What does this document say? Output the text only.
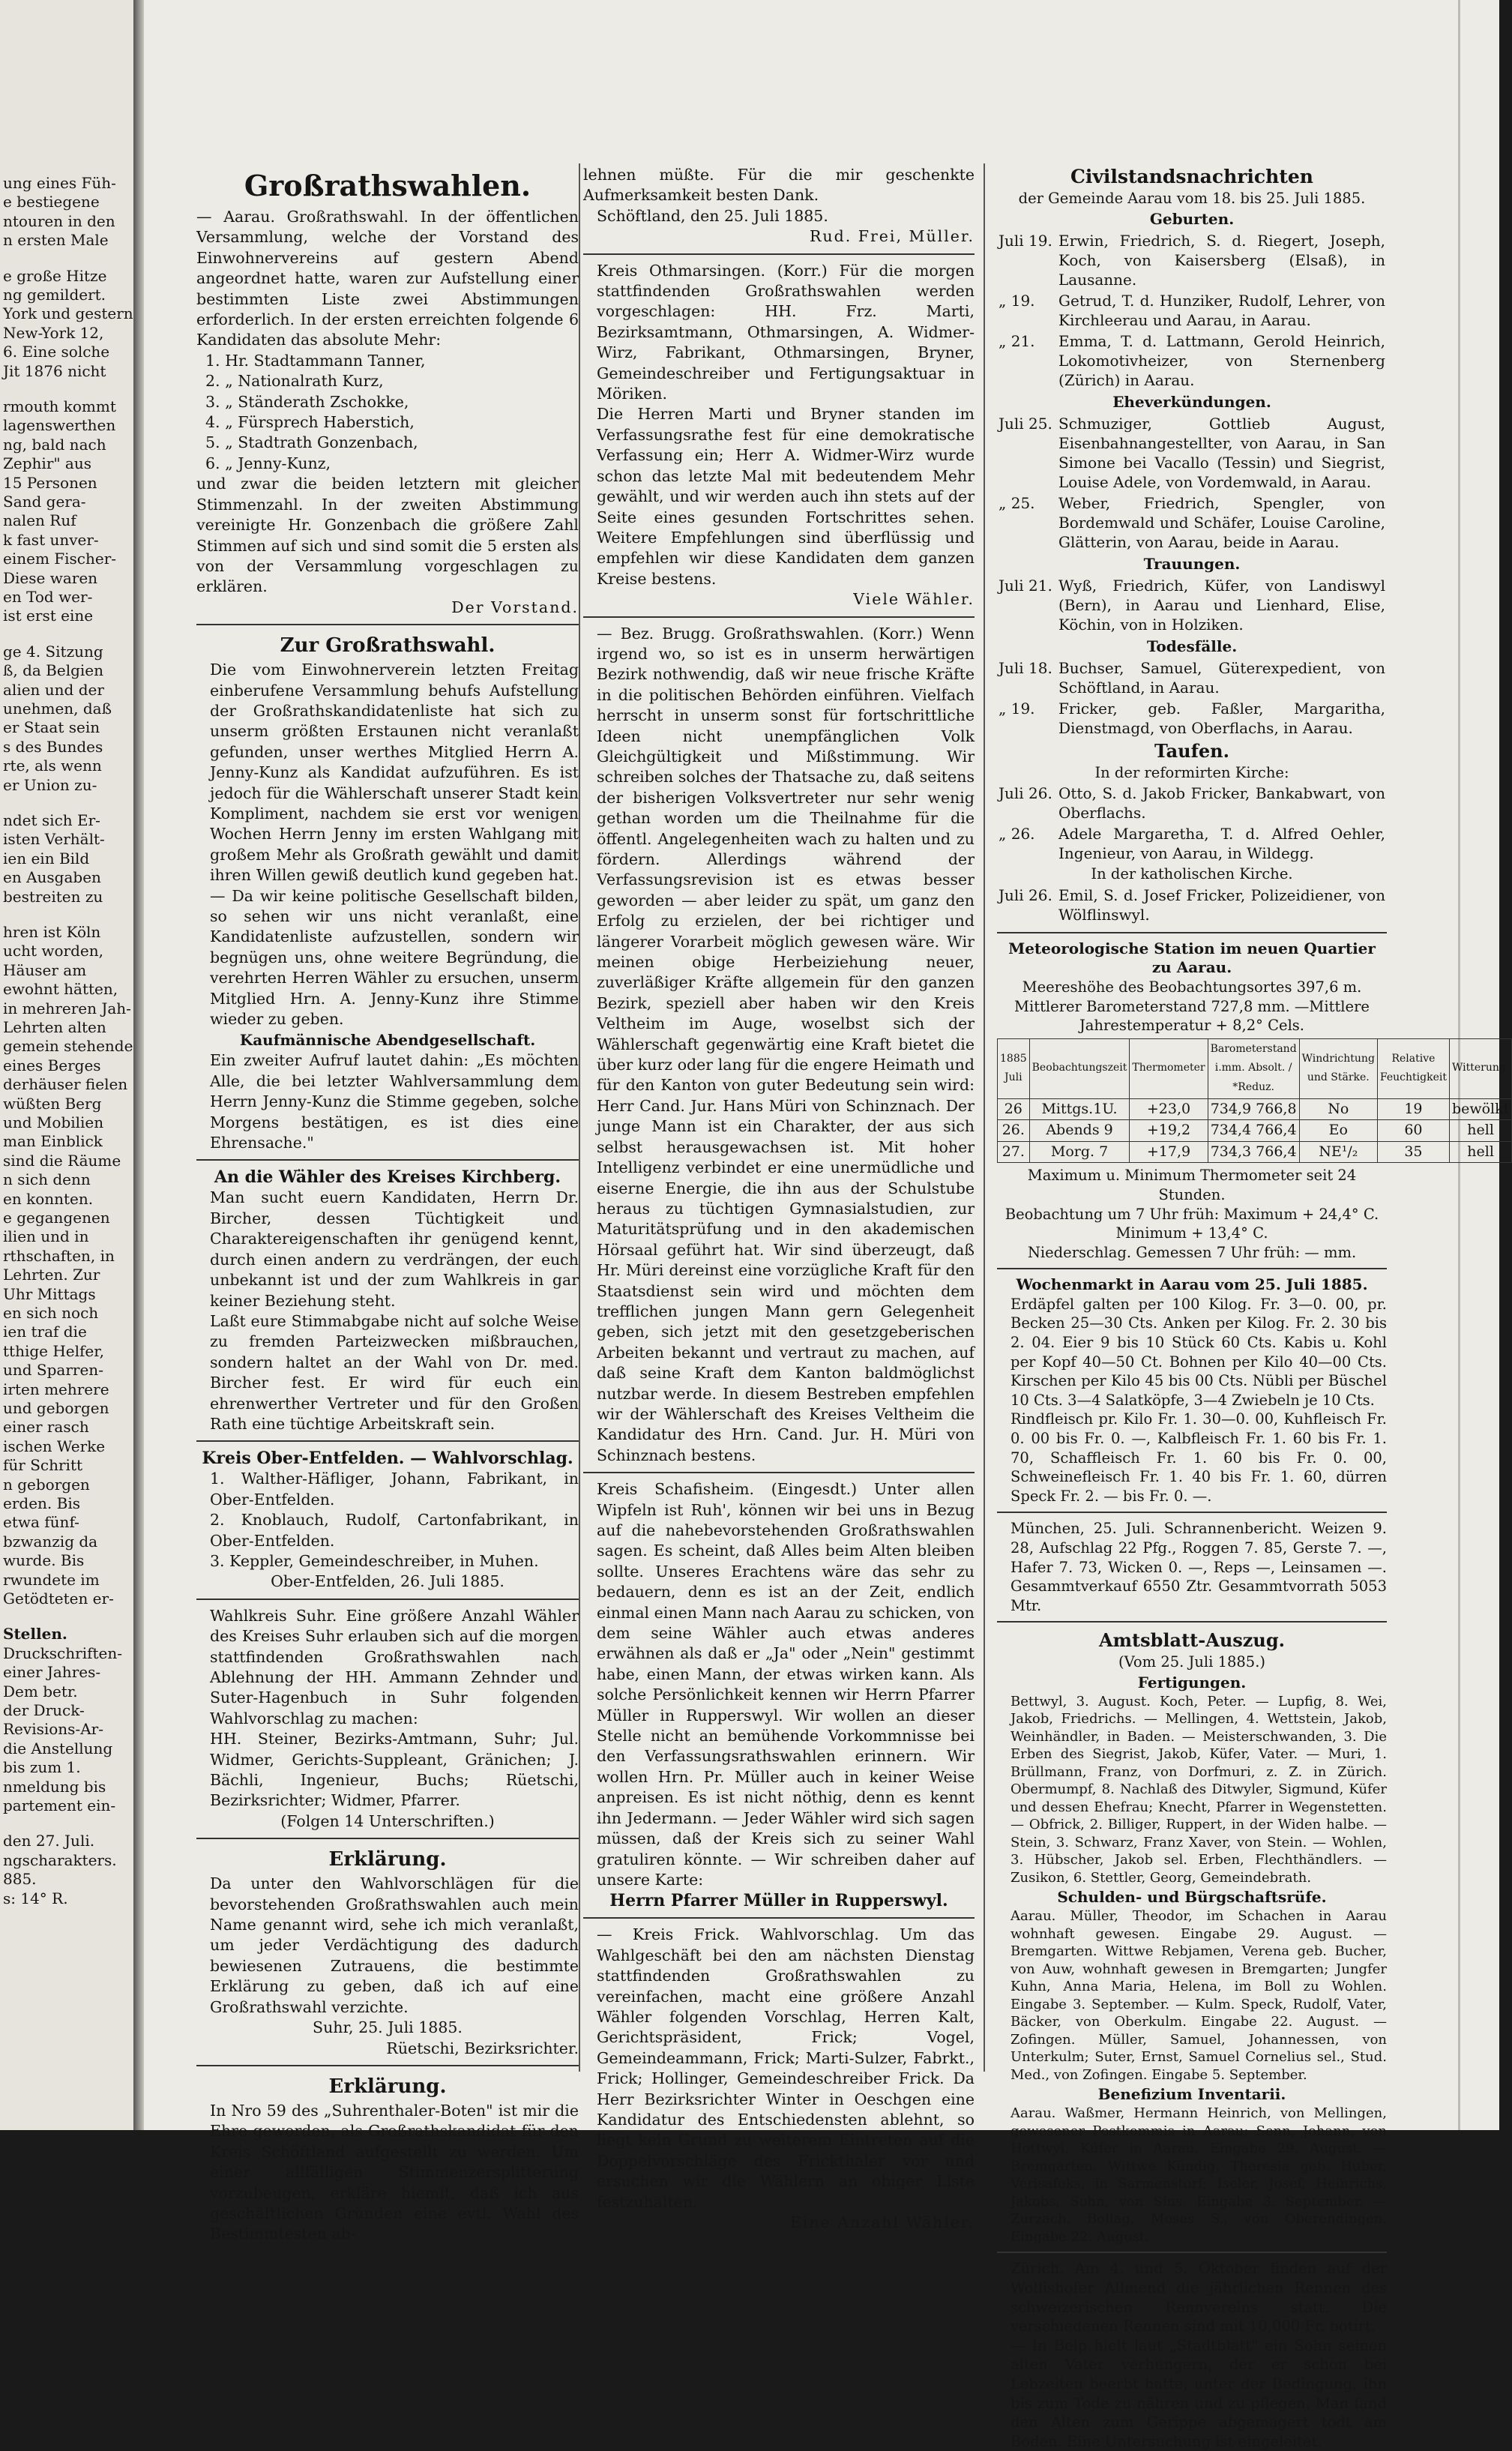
ung eines Füh-
e bestiegene
ntouren in den
n ersten Male
e große Hitze
ng gemildert.
York und gestern
New-York 12,
6. Eine solche
Jit 1876 nicht
rmouth kommt
lagenswerthen
ng, bald nach
Zephir" aus
15 Personen
Sand gera-
nalen Ruf
k fast unver-
einem Fischer-
Diese waren
en Tod wer-
ist erst eine
ge 4. Sitzung
ß, da Belgien
alien und der
unehmen, daß
er Staat sein
s des Bundes
rte, als wenn
er Union zu-
ndet sich Er-
isten Verhält-
ien ein Bild
en Ausgaben
bestreiten zu
hren ist Köln
ucht worden,
Häuser am
ewohnt hätten,
in mehreren Jah-
Lehrten alten
gemein stehende
eines Berges
derhäuser fielen
wüßten Berg
und Mobilien
man Einblick
sind die Räume
n sich denn
en konnten.
e gegangenen
ilien und in
rthschaften, in
Lehrten. Zur
Uhr Mittags
en sich noch
ien traf die
tthige Helfer,
und Sparren-
irten mehrere
und geborgen
einer rasch
ischen Werke
für Schritt
n geborgen
erden. Bis
etwa fünf-
bzwanzig da
wurde. Bis
rwundete im
Getödteten er-
Stellen.
Druckschriften-
einer Jahres-
Dem betr.
der Druck-
Revisions-Ar-
die Anstellung
bis zum 1.
nmeldung bis
partement ein-
den 27. Juli.
ngscharakters.
885.
s: 14° R.

Großrathswahlen.

— Aarau. Großrathswahl. In der öffentlichen Versammlung, welche der Vorstand des Einwohnervereins auf gestern Abend angeordnet hatte, waren zur Aufstellung einer bestimmten Liste zwei Abstimmungen erforderlich. In der ersten erreichten folgende 6 Kandidaten das absolute Mehr:

1. Hr. Stadtammann Tanner,
2. „ Nationalrath Kurz,
3. „ Ständerath Zschokke,
4. „ Fürsprech Haberstich,
5. „ Stadtrath Gonzenbach,
6. „ Jenny-Kunz,

und zwar die beiden letztern mit gleicher Stimmenzahl. In der zweiten Abstimmung vereinigte Hr. Gonzenbach die größere Zahl Stimmen auf sich und sind somit die 5 ersten als von der Versammlung vorgeschlagen zu erklären.

Der Vorstand.

Zur Großrathswahl.

Die vom Einwohnerverein letzten Freitag einberufene Versammlung behufs Aufstellung der Großrathskandidatenliste hat sich zu unserm größten Erstaunen nicht veranlaßt gefunden, unser werthes Mitglied Herrn A. Jenny-Kunz als Kandidat aufzuführen. Es ist jedoch für die Wählerschaft unserer Stadt kein Kompliment, nachdem sie erst vor wenigen Wochen Herrn Jenny im ersten Wahlgang mit großem Mehr als Großrath gewählt und damit ihren Willen gewiß deutlich kund gegeben hat. — Da wir keine politische Gesellschaft bilden, so sehen wir uns nicht veranlaßt, eine Kandidatenliste aufzustellen, sondern wir begnügen uns, ohne weitere Begründung, die verehrten Herren Wähler zu ersuchen, unserm Mitglied Hrn. A. Jenny-Kunz ihre Stimme wieder zu geben.

Kaufmännische Abendgesellschaft.

Ein zweiter Aufruf lautet dahin: „Es möchten Alle, die bei letzter Wahlversammlung dem Herrn Jenny-Kunz die Stimme gegeben, solche Morgens bestätigen, es ist dies eine Ehrensache."

An die Wähler des Kreises Kirchberg.

Man sucht euern Kandidaten, Herrn Dr. Bircher, dessen Tüchtigkeit und Charaktereigenschaften ihr genügend kennt, durch einen andern zu verdrängen, der euch unbekannt ist und der zum Wahlkreis in gar keiner Beziehung steht.

Laßt eure Stimmabgabe nicht auf solche Weise zu fremden Parteizwecken mißbrauchen, sondern haltet an der Wahl von Dr. med. Bircher fest. Er wird für euch ein ehrenwerther Vertreter und für den Großen Rath eine tüchtige Arbeitskraft sein.

Kreis Ober-Entfelden. — Wahlvorschlag.

1. Walther-Häfliger, Johann, Fabrikant, in Ober-Entfelden.
2. Knoblauch, Rudolf, Cartonfabrikant, in Ober-Entfelden.
3. Keppler, Gemeindeschreiber, in Muhen.

Ober-Entfelden, 26. Juli 1885.

Wahlkreis Suhr. Eine größere Anzahl Wähler des Kreises Suhr erlauben sich auf die morgen stattfindenden Großrathswahlen nach Ablehnung der HH. Ammann Zehnder und Suter-Hagenbuch in Suhr folgenden Wahlvorschlag zu machen:

HH. Steiner, Bezirks-Amtmann, Suhr; Jul. Widmer, Gerichts-Suppleant, Gränichen; J. Bächli, Ingenieur, Buchs; Rüetschi, Bezirksrichter; Widmer, Pfarrer.

(Folgen 14 Unterschriften.)

Erklärung.

Da unter den Wahlvorschlägen für die bevorstehenden Großrathswahlen auch mein Name genannt wird, sehe ich mich veranlaßt, um jeder Verdächtigung des dadurch bewiesenen Zutrauens, die bestimmte Erklärung zu geben, daß ich auf eine Großrathswahl verzichte.

Suhr, 25. Juli 1885.

Rüetschi, Bezirksrichter.

Erklärung.

In Nro 59 des „Suhrenthaler-Boten" ist mir die Ehre geworden, als Großrathskandidat für den Kreis Schöftland aufgestellt zu werden. Um einer allfälligen Stimmenzersplitterung vorzubeugen, erkläre hiemit, daß ich aus geschäftlichen Gründen eine evtl. Wahl des Bestimmtesten ab-

lehnen müßte. Für die mir geschenkte Aufmerksamkeit besten Dank.

Schöftland, den 25. Juli 1885.

Rud. Frei, Müller.

Kreis Othmarsingen. (Korr.) Für die morgen stattfindenden Großrathswahlen werden vorgeschlagen: HH. Frz. Marti, Bezirksamtmann, Othmarsingen, A. Widmer-Wirz, Fabrikant, Othmarsingen, Bryner, Gemeindeschreiber und Fertigungsaktuar in Möriken.

Die Herren Marti und Bryner standen im Verfassungsrathe fest für eine demokratische Verfassung ein; Herr A. Widmer-Wirz wurde schon das letzte Mal mit bedeutendem Mehr gewählt, und wir werden auch ihn stets auf der Seite eines gesunden Fortschrittes sehen. Weitere Empfehlungen sind überflüssig und empfehlen wir diese Kandidaten dem ganzen Kreise bestens.

Viele Wähler.

— Bez. Brugg. Großrathswahlen. (Korr.) Wenn irgend wo, so ist es in unserm herwärtigen Bezirk nothwendig, daß wir neue frische Kräfte in die politischen Behörden einführen. Vielfach herrscht in unserm sonst für fortschrittliche Ideen nicht unempfänglichen Volk Gleichgültigkeit und Mißstimmung. Wir schreiben solches der Thatsache zu, daß seitens der bisherigen Volksvertreter nur sehr wenig gethan worden um die Theilnahme für die öffentl. Angelegenheiten wach zu halten und zu fördern. Allerdings während der Verfassungsrevision ist es etwas besser geworden — aber leider zu spät, um ganz den Erfolg zu erzielen, der bei richtiger und längerer Vorarbeit möglich gewesen wäre. Wir meinen obige Herbeiziehung neuer, zuverläßiger Kräfte allgemein für den ganzen Bezirk, speziell aber haben wir den Kreis Veltheim im Auge, woselbst sich der Wählerschaft gegenwärtig eine Kraft bietet die über kurz oder lang für die engere Heimath und für den Kanton von guter Bedeutung sein wird: Herr Cand. Jur. Hans Müri von Schinznach. Der junge Mann ist ein Charakter, der aus sich selbst herausgewachsen ist. Mit hoher Intelligenz verbindet er eine unermüdliche und eiserne Energie, die ihn aus der Schulstube heraus zu tüchtigen Gymnasialstudien, zur Maturitätsprüfung und in den akademischen Hörsaal geführt hat. Wir sind überzeugt, daß Hr. Müri dereinst eine vorzügliche Kraft für den Staatsdienst sein wird und möchten dem trefflichen jungen Mann gern Gelegenheit geben, sich jetzt mit den gesetzgeberischen Arbeiten bekannt und vertraut zu machen, auf daß seine Kraft dem Kanton baldmöglichst nutzbar werde. In diesem Bestreben empfehlen wir der Wählerschaft des Kreises Veltheim die Kandidatur des Hrn. Cand. Jur. H. Müri von Schinznach bestens.

Kreis Schafisheim. (Eingesdt.) Unter allen Wipfeln ist Ruh', können wir bei uns in Bezug auf die nahebevorstehenden Großrathswahlen sagen. Es scheint, daß Alles beim Alten bleiben sollte. Unseres Erachtens wäre das sehr zu bedauern, denn es ist an der Zeit, endlich einmal einen Mann nach Aarau zu schicken, von dem seine Wähler auch etwas anderes erwähnen als daß er „Ja" oder „Nein" gestimmt habe, einen Mann, der etwas wirken kann. Als solche Persönlichkeit kennen wir Herrn Pfarrer Müller in Rupperswyl. Wir wollen an dieser Stelle nicht an bemühende Vorkommnisse bei den Verfassungsrathswahlen erinnern. Wir wollen Hrn. Pr. Müller auch in keiner Weise anpreisen. Es ist nicht nöthig, denn es kennt ihn Jedermann. — Jeder Wähler wird sich sagen müssen, daß der Kreis sich zu seiner Wahl gratuliren könnte. — Wir schreiben daher auf unsere Karte:

Herrn Pfarrer Müller in Rupperswyl.

— Kreis Frick. Wahlvorschlag. Um das Wahlgeschäft bei den am nächsten Dienstag stattfindenden Großrathswahlen zu vereinfachen, macht eine größere Anzahl Wähler folgenden Vorschlag, Herren Kalt, Gerichtspräsident, Frick; Vogel, Gemeindeammann, Frick; Marti-Sulzer, Fabrkt., Frick; Hollinger, Gemeindeschreiber Frick. Da Herr Bezirksrichter Winter in Oeschgen eine Kandidatur des Entschiedensten ablehnt, so liegt kein Grund zu weiterem Eintreten auf die Doppelvorschläge des Frickthaler vor und ersuchen wir die Wählern an obiger Liste festzuhalten.

Eine Anzahl Wähler.

Civilstandsnachrichten

der Gemeinde Aarau vom 18. bis 25. Juli 1885.

Geburten.

Juli 19.	Erwin, Friedrich, S. d. Riegert, Joseph, Koch, von Kaisersberg (Elsaß), in Lausanne.
„ 19.	Getrud, T. d. Hunziker, Rudolf, Lehrer, von Kirchleerau und Aarau, in Aarau.
„ 21.	Emma, T. d. Lattmann, Gerold Heinrich, Lokomotivheizer, von Sternenberg (Zürich) in Aarau.

Eheverkündungen.

Juli 25.	Schmuziger, Gottlieb August, Eisenbahnangestellter, von Aarau, in San Simone bei Vacallo (Tessin) und Siegrist, Louise Adele, von Vordemwald, in Aarau.
„ 25.	Weber, Friedrich, Spengler, von Bordemwald und Schäfer, Louise Caroline, Glätterin, von Aarau, beide in Aarau.

Trauungen.

Juli 21.	Wyß, Friedrich, Küfer, von Landiswyl (Bern), in Aarau und Lienhard, Elise, Köchin, von in Holziken.

Todesfälle.

Juli 18.	Buchser, Samuel, Güterexpedient, von Schöftland, in Aarau.
„ 19.	Fricker, geb. Faßler, Margaritha, Dienstmagd, von Oberflachs, in Aarau.

Taufen.

In der reformirten Kirche:

Juli 26.	Otto, S. d. Jakob Fricker, Bankabwart, von Oberflachs.
„ 26.	Adele Margaretha, T. d. Alfred Oehler, Ingenieur, von Aarau, in Wildegg.

In der katholischen Kirche.

Juli 26.	Emil, S. d. Josef Fricker, Polizeidiener, von Wölflinswyl.

Meteorologische Station im neuen Quartier zu Aarau.

Meereshöhe des Beobachtungsortes 397,6 m. Mittlerer Barometerstand 727,8 mm. —Mittlere Jahrestemperatur + 8,2° Cels.

1885 Juli	Beobachtungszeit	Thermometer	Barometerstand i.mm. Absolt. / *Reduz.	Windrichtung und Stärke.	Relative Feuchtigkeit	Witterung.
26	Mittgs.1U.	+23,0	734,9 766,8	No	19	bewölkt
26.	Abends 9	+19,2	734,4 766,4	Eo	60	hell
27.	Morg. 7	+17,9	734,3 766,4	NE¹/₂	35	hell

Maximum u. Minimum Thermometer seit 24 Stunden.

Beobachtung um 7 Uhr früh: Maximum + 24,4° C.

Minimum + 13,4° C.

Niederschlag. Gemessen 7 Uhr früh: — mm.

Wochenmarkt in Aarau vom 25. Juli 1885.

Erdäpfel galten per 100 Kilog. Fr. 3—0. 00, pr. Becken 25—30 Cts. Anken per Kilog. Fr. 2. 30 bis 2. 04. Eier 9 bis 10 Stück 60 Cts. Kabis u. Kohl per Kopf 40—50 Ct. Bohnen per Kilo 40—00 Cts. Kirschen per Kilo 45 bis 00 Cts. Nübli per Büschel 10 Cts. 3—4 Salatköpfe, 3—4 Zwiebeln je 10 Cts.

Rindfleisch pr. Kilo Fr. 1. 30—0. 00, Kuhfleisch Fr. 0. 00 bis Fr. 0. —, Kalbfleisch Fr. 1. 60 bis Fr. 1. 70, Schaffleisch Fr. 1. 60 bis Fr. 0. 00, Schweinefleisch Fr. 1. 40 bis Fr. 1. 60, dürren Speck Fr. 2. — bis Fr. 0. —.

München, 25. Juli. Schrannenbericht. Weizen 9. 28, Aufschlag 22 Pfg., Roggen 7. 85, Gerste 7. —, Hafer 7. 73, Wicken 0. —, Reps —, Leinsamen —. Gesammtverkauf 6550 Ztr. Gesammtvorrath 5053 Mtr.

Amtsblatt-Auszug.

(Vom 25. Juli 1885.)

Fertigungen.

Bettwyl, 3. August. Koch, Peter. — Lupfig, 8. Wei, Jakob, Friedrichs. — Mellingen, 4. Wettstein, Jakob, Weinhändler, in Baden. — Meisterschwanden, 3. Die Erben des Siegrist, Jakob, Küfer, Vater. — Muri, 1. Brüllmann, Franz, von Dorfmuri, z. Z. in Zürich. Obermumpf, 8. Nachlaß des Ditwyler, Sigmund, Küfer und dessen Ehefrau; Knecht, Pfarrer in Wegenstetten. — Obfrick, 2. Billiger, Ruppert, in der Widen halbe. — Stein, 3. Schwarz, Franz Xaver, von Stein. — Wohlen, 3. Hübscher, Jakob sel. Erben, Flechthändlers. — Zusikon, 6. Stettler, Georg, Gemeindebrath.

Schulden- und Bürgschaftsrüfe.

Aarau. Müller, Theodor, im Schachen in Aarau wohnhaft gewesen. Eingabe 29. August. — Bremgarten. Wittwe Rebjamen, Verena geb. Bucher, von Auw, wohnhaft gewesen in Bremgarten; Jungfer Kuhn, Anna Maria, Helena, im Boll zu Wohlen. Eingabe 3. September. — Kulm. Speck, Rudolf, Vater, Bäcker, von Oberkulm. Eingabe 22. August. — Zofingen. Müller, Samuel, Johannessen, von Unterkulm; Suter, Ernst, Samuel Cornelius sel., Stud. Med., von Zofingen. Eingabe 5. September.

Benefizium Inventarii.

Aarau. Waßmer, Hermann Heinrich, von Mellingen, gewesener Postkommis in Aarau; Senn, Johann, von Hottwyl, Küfer in Aarau. Eingabe 29. August. — Bremgarten. Wittwe Kündig, Theresia geb. Huber, Verisafoks, in Sarmenstorf; Iseler, Josef, Heinrichs, Jakobs, Sohn, von Sins. Eingabe 3. September. — Zurzach. Bollag, Moses S., von Oberendingen. Eingabe 22. August.

Zürich. Am 4. und 5. Oktober finden auf der Wollishofer Allmend die jährlichen Rennen des schweizerischen Rennvereins statt. Die verschiedenen Rennen sind mit 10,000 Fr. botirt.

— In Belp hielt laut „Stadtblatt" ein Sohn seinen alten Vater verhungern, der er schon bei Lebzeiten beerbt hatte, unter der Bedingung, ihn bis zum Tode zu nähren und zu pflegen. Man fand den Alten zum Gerippe abgemagert todt am Boden. Eine Untersuchung ist eingeleitet.
